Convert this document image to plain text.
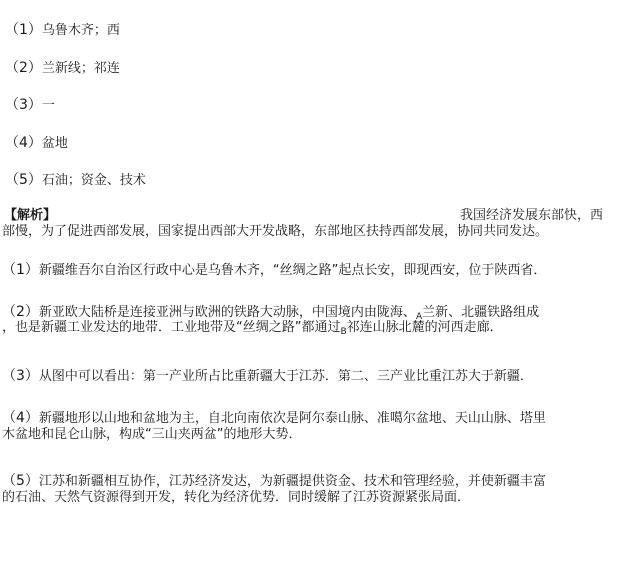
（1）乌鲁木齐；西
（2）兰新线；祁连
（3）一
（4）盆地
（5）石油；资金、技术
【解析】	我国经济发展东部快，西
部慢，为了促进西部发展，国家提出西部大开发战略，东部地区扶持西部发展，协同共同发达。
（1）新疆维吾尔自治区行政中心是乌鲁木齐，“丝绸之路”起点长安，即现西安，位于陕西省．
（2）新亚欧大陆桥是连接亚洲与欧洲的铁路大动脉，中国境内由陇海、$_A$兰新、北疆铁路组成
，也是新疆工业发达的地带．工业地带及“丝绸之路”都通过$_B$祁连山脉北麓的河西走廊．
（3）从图中可以看出：第一产业所占比重新疆大于江苏．第二、三产业比重江苏大于新疆．
（4）新疆地形以山地和盆地为主，自北向南依次是阿尔泰山脉、准噶尔盆地、天山山脉、塔里
木盆地和昆仑山脉，构成“三山夹两盆”的地形大势．
（5）江苏和新疆相互协作，江苏经济发达，为新疆提供资金、技术和管理经验，并使新疆丰富
的石油、天然气资源得到开发，转化为经济优势．同时缓解了江苏资源紧张局面．
